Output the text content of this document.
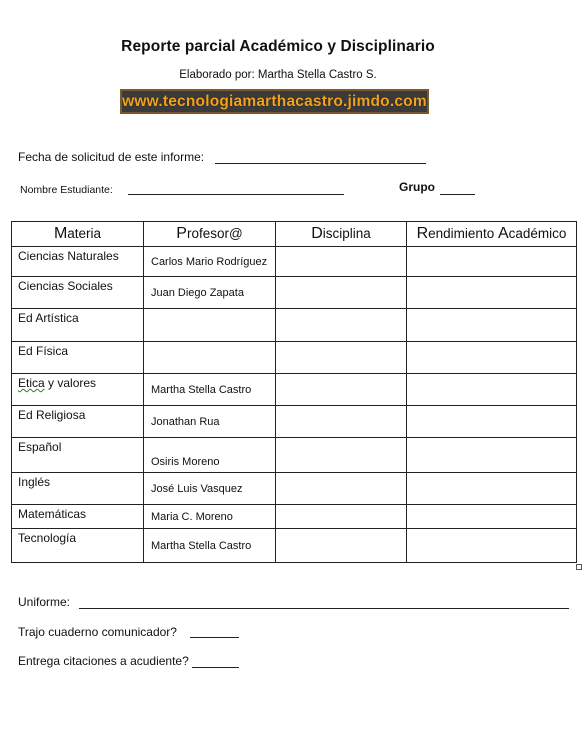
Reporte parcial Académico y Disciplinario
Elaborado por: Martha Stella Castro S.
www.tecnologiamarthacastro.jimdo.com
Fecha de solicitud de este informe:
Nombre Estudiante:	Grupo
Materia	Profesor@	Disciplina	Rendimiento Académico
Ciencias Naturales	Carlos Mario Rodríguez		
Ciencias Sociales	Juan Diego Zapata		
Ed Artística			
Ed Física			
Etica y valores	Martha Stella Castro		
Ed Religiosa	Jonathan Rua		
Español	Osiris Moreno		
Inglés	José Luis Vasquez		
Matemáticas	Maria C. Moreno		
Tecnología	Martha Stella Castro		
Uniforme:
Trajo cuaderno comunicador?
Entrega citaciones a acudiente?
